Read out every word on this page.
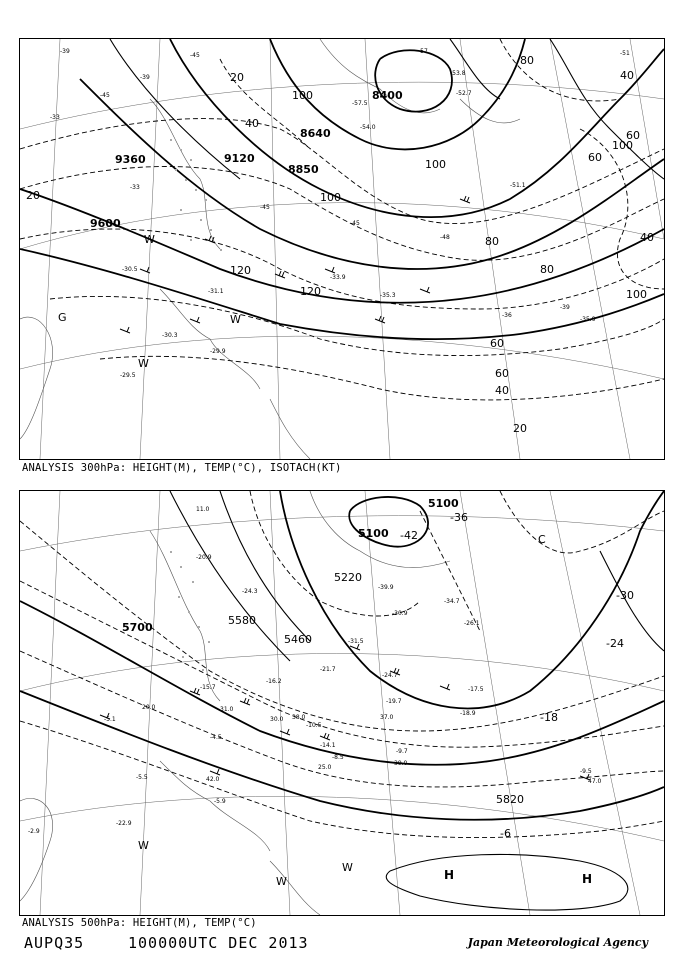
8400
8640
8850
9120
9360
9600
20
40
60
100
120
120
100
60
40
20
80
60
40
100
80
100
20
40
60
80
100
-57	-51
-53.8
-52.7
-45
-45
-45
-39
-39
-33
-33
-30.5
-30.3
-29.9
-29.5
-31.1
-33.9
-35.3
-35.9
-36
-39
-45
-48
-51.1
-54.0
-57.5
W
W
W
G
ANALYSIS 300hPa: HEIGHT(M), TEMP(°C), ISOTACH(KT)
5100
5100
5220
5460
5580
5700
5820
-42
-36
-30
-24
-18
-6
-39.9
-34.7
-31.5
-30.9
-26.1
-24.7
-21.7
-19.7
-18.9
-17.5
-16.2
-15.7
-14.1
-10.5
-9.7
-9.5
-8.5
-5.9
-5.5
-5.1
-4.5
-2.9
-22.9
-20.9
-24.3
11.0
20.0
25.0
30.0
31.0
37.0
38.0
39.0
42.0	47.0
H	H
C
W
W
W
ANALYSIS 500hPa: HEIGHT(M), TEMP(°C)
AUPQ35	100000UTC DEC 2013	Japan Meteorological Agency
